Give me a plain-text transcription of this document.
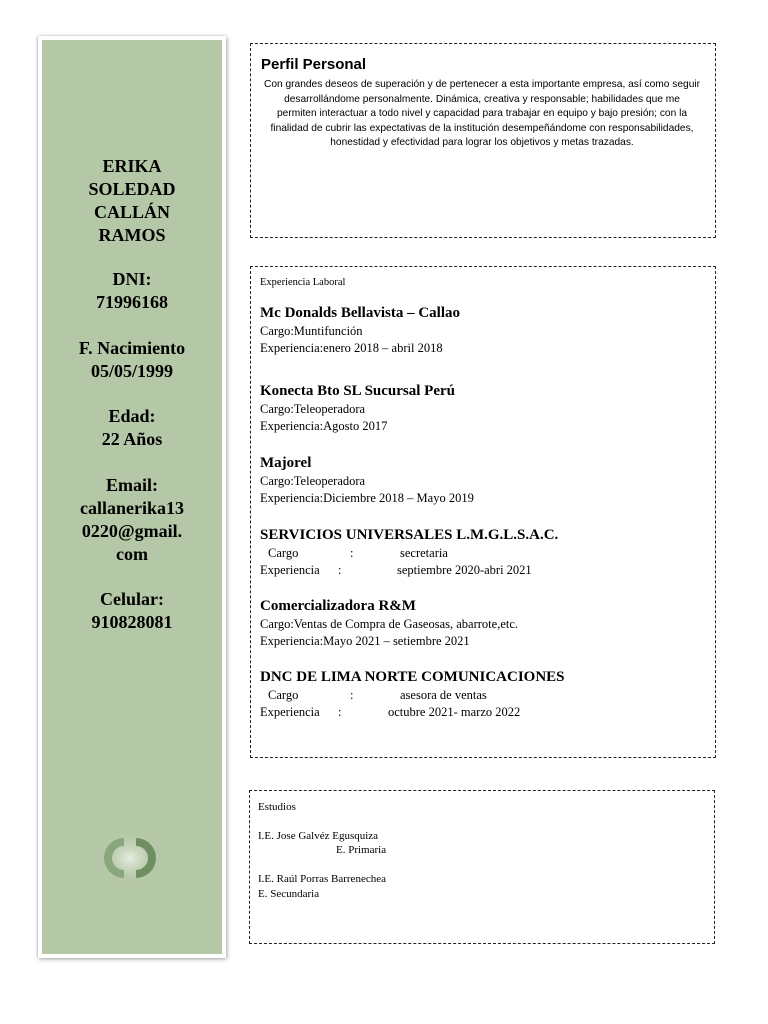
ERIKA
SOLEDAD
CALLÁN
RAMOS
DNI:
71996168
F. Nacimiento
05/05/1999
Edad:
22 Años
Email:
callanerika13
0220@gmail.
com
Celular:
910828081
Perfil Personal
Con grandes deseos de superación y de pertenecer a esta importante empresa, así como seguir desarrollándome personalmente. Dinámica, creativa y responsable; habilidades que me permiten interactuar a todo nivel y capacidad para trabajar en equipo y bajo presión; con la finalidad de cubrir las expectativas de la institución desempeñándome con responsabilidades, honestidad y efectividad para lograr los objetivos y metas trazadas.
Experiencia Laboral
Mc Donalds Bellavista – Callao
Cargo:Muntifunción
Experiencia:enero 2018 – abril 2018
Konecta Bto SL Sucursal Perú
Cargo:Teleoperadora
Experiencia:Agosto 2017
Majorel
Cargo:Teleoperadora
Experiencia:Diciembre 2018 – Mayo 2019
SERVICIOS UNIVERSALES L.M.G.L.S.A.C.
Cargo	:	secretaria
Experiencia :	septiembre 2020-abri 2021
Comercializadora R&M
Cargo:Ventas de Compra de Gaseosas, abarrote,etc.
Experiencia:Mayo 2021 – setiembre 2021
DNC DE LIMA NORTE COMUNICACIONES
Cargo	:	asesora de ventas
Experiencia :	octubre 2021- marzo 2022
Estudios
I.E. Jose Galvéz Egusquiza
E. Primaria
I.E. Raúl Porras Barrenechea
E. Secundaria
